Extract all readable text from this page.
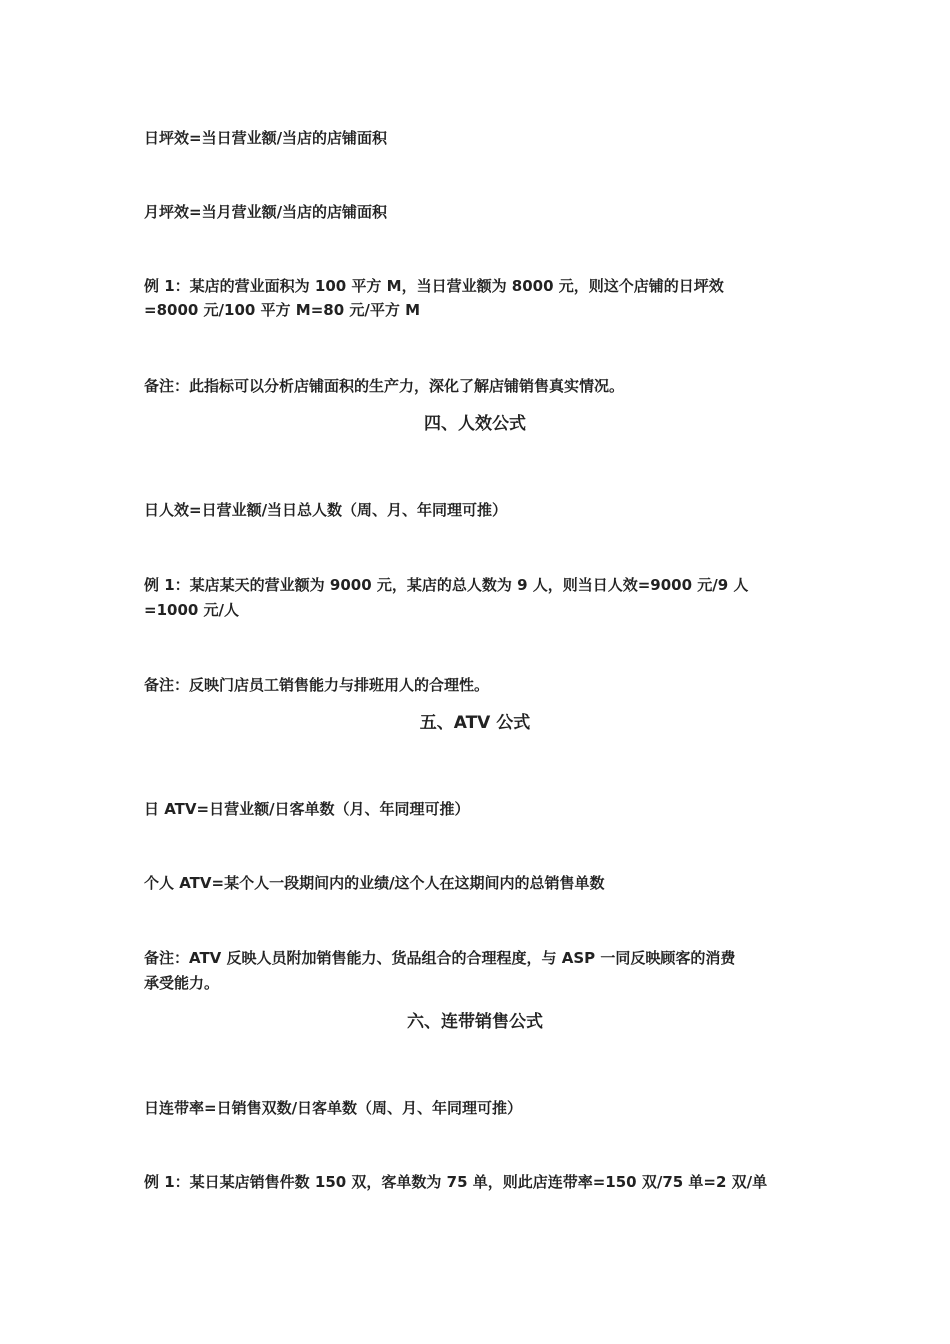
日坪效=当日营业额/当店的店铺面积
月坪效=当月营业额/当店的店铺面积
例 1：某店的营业面积为 100 平方 M，当日营业额为 8000 元，则这个店铺的日坪效
=8000 元/100 平方 M=80 元/平方 M
备注：此指标可以分析店铺面积的生产力，深化了解店铺销售真实情况。
四、人效公式
日人效=日营业额/当日总人数（周、月、年同理可推）
例 1：某店某天的营业额为 9000 元，某店的总人数为 9 人，则当日人效=9000 元/9 人
=1000 元/人
备注：反映门店员工销售能力与排班用人的合理性。
五、ATV 公式
日 ATV=日营业额/日客单数（月、年同理可推）
个人 ATV=某个人一段期间内的业绩/这个人在这期间内的总销售单数
备注：ATV 反映人员附加销售能力、货品组合的合理程度，与 ASP 一同反映顾客的消费
承受能力。
六、连带销售公式
日连带率=日销售双数/日客单数（周、月、年同理可推）
例 1：某日某店销售件数 150 双，客单数为 75 单，则此店连带率=150 双/75 单=2 双/单
